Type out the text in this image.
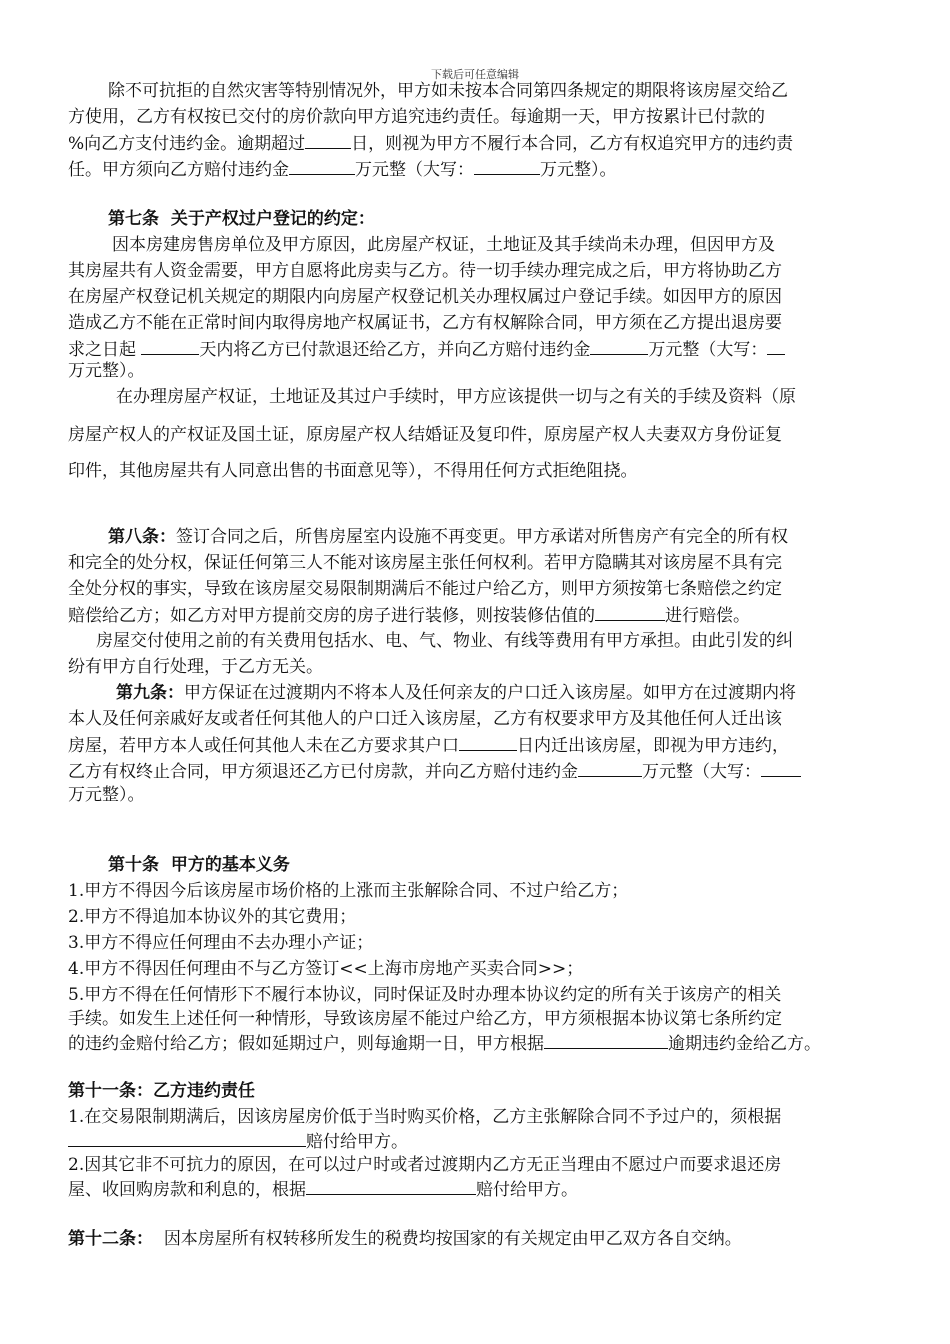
下载后可任意编辑
除不可抗拒的自然灾害等特别情况外，甲方如未按本合同第四条规定的期限将该房屋交给乙
方使用，乙方有权按已交付的房价款向甲方追究违约责任。每逾期一天，甲方按累计已付款的
%向乙方支付违约金。逾期超过	日，则视为甲方不履行本合同，乙方有权追究甲方的违约责
任。甲方须向乙方赔付违约金	万元整（大写：	万元整）。
第七条  关于产权过户登记的约定：
因本房建房售房单位及甲方原因，此房屋产权证，土地证及其手续尚未办理，但因甲方及
其房屋共有人资金需要，甲方自愿将此房卖与乙方。待一切手续办理完成之后，甲方将协助乙方
在房屋产权登记机关规定的期限内向房屋产权登记机关办理权属过户登记手续。如因甲方的原因
造成乙方不能在正常时间内取得房地产权属证书，乙方有权解除合同，甲方须在乙方提出退房要
求之日起	天内将乙方已付款退还给乙方，并向乙方赔付违约金	万元整（大写：
万元整）。
在办理房屋产权证，土地证及其过户手续时，甲方应该提供一切与之有关的手续及资料（原
房屋产权人的产权证及国土证，原房屋产权人结婚证及复印件，原房屋产权人夫妻双方身份证复
印件，其他房屋共有人同意出售的书面意见等），不得用任何方式拒绝阻挠。
第八条：签订合同之后，所售房屋室内设施不再变更。甲方承诺对所售房产有完全的所有权
和完全的处分权，保证任何第三人不能对该房屋主张任何权利。若甲方隐瞒其对该房屋不具有完
全处分权的事实，导致在该房屋交易限制期满后不能过户给乙方，则甲方须按第七条赔偿之约定
赔偿给乙方；如乙方对甲方提前交房的房子进行装修，则按装修估值的	进行赔偿。
房屋交付使用之前的有关费用包括水、电、气、物业、有线等费用有甲方承担。由此引发的纠
纷有甲方自行处理，于乙方无关。
第九条：甲方保证在过渡期内不将本人及任何亲友的户口迁入该房屋。如甲方在过渡期内将
本人及任何亲戚好友或者任何其他人的户口迁入该房屋，乙方有权要求甲方及其他任何人迁出该
房屋，若甲方本人或任何其他人未在乙方要求其户口	日内迁出该房屋，即视为甲方违约，
乙方有权终止合同，甲方须退还乙方已付房款，并向乙方赔付违约金	万元整（大写：
万元整）。
第十条  甲方的基本义务
1.甲方不得因今后该房屋市场价格的上涨而主张解除合同、不过户给乙方；
2.甲方不得追加本协议外的其它费用；
3.甲方不得应任何理由不去办理小产证；
4.甲方不得因任何理由不与乙方签订<<上海市房地产买卖合同>>；
5.甲方不得在任何情形下不履行本协议，同时保证及时办理本协议约定的所有关于该房产的相关
手续。如发生上述任何一种情形，导致该房屋不能过户给乙方，甲方须根据本协议第七条所约定
的违约金赔付给乙方；假如延期过户，则每逾期一日，甲方根据	逾期违约金给乙方。
第十一条：乙方违约责任
1.在交易限制期满后，因该房屋房价低于当时购买价格，乙方主张解除合同不予过户的，须根据
赔付给甲方。
2.因其它非不可抗力的原因，在可以过户时或者过渡期内乙方无正当理由不愿过户而要求退还房
屋、收回购房款和利息的，根据	赔付给甲方。
第十二条： 因本房屋所有权转移所发生的税费均按国家的有关规定由甲乙双方各自交纳。
